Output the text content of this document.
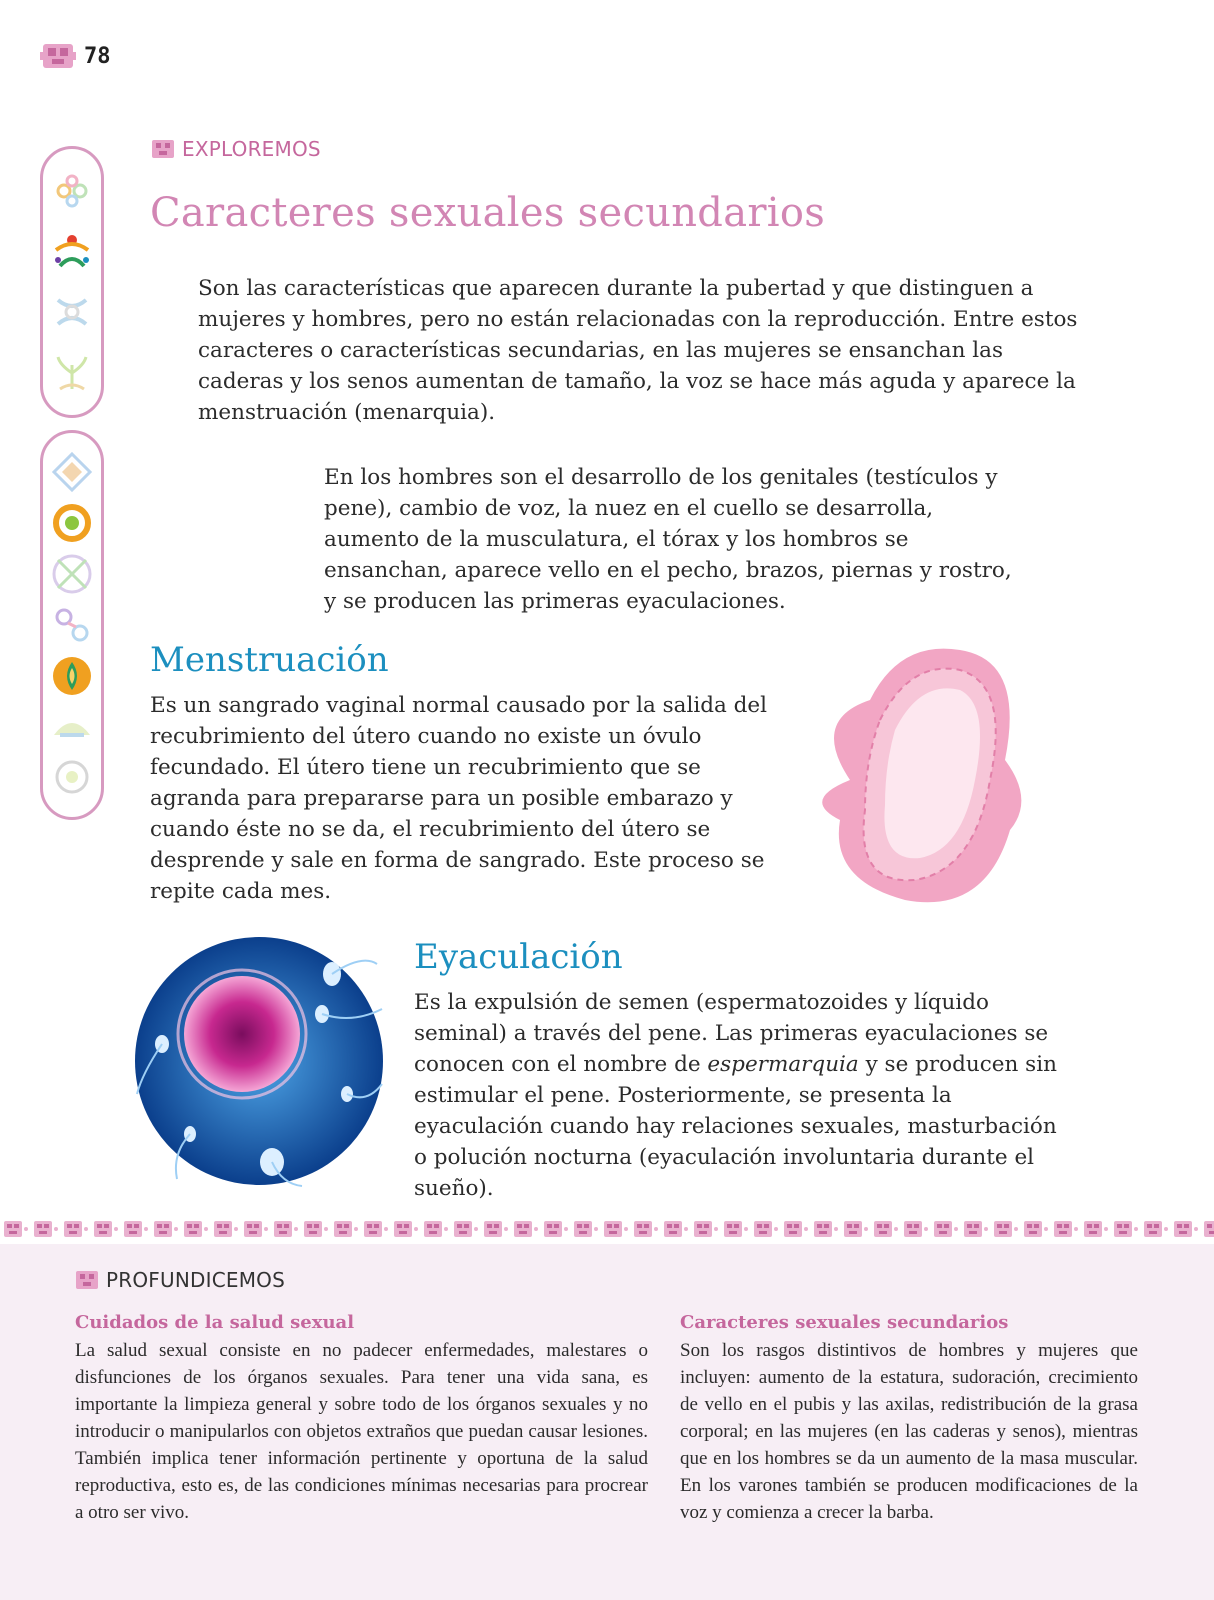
78
EXPLOREMOS
Caracteres sexuales secundarios

Son las características que aparecen durante la pubertad y que distinguen a mujeres y hombres, pero no están relacionadas con la reproducción. Entre estos caracteres o características secundarias, en las mujeres se ensanchan las caderas y los senos aumentan de tamaño, la voz se hace más aguda y aparece la menstruación (menarquia).

En los hombres son el desarrollo de los genitales (testículos y pene), cambio de voz, la nuez en el cuello se desarrolla, aumento de la musculatura, el tórax y los hombros se ensanchan, aparece vello en el pecho, brazos, piernas y rostro, y se producen las primeras eyaculaciones.

Menstruación

Es un sangrado vaginal normal causado por la salida del recubrimiento del útero cuando no existe un óvulo fecundado. El útero tiene un recubrimiento que se agranda para prepararse para un posible embarazo y cuando éste no se da, el recubrimiento del útero se desprende y sale en forma de sangrado. Este proceso se repite cada mes.

Eyaculación

Es la expulsión de semen (espermatozoides y líquido seminal) a través del pene. Las primeras eyaculaciones se conocen con el nombre de espermarquia y se producen sin estimular el pene. Posteriormente, se presenta la eyaculación cuando hay relaciones sexuales, masturbación o polución nocturna (eyaculación involuntaria durante el sueño).

PROFUNDICEMOS
Cuidados de la salud sexual

La salud sexual consiste en no padecer enfermedades, malestares o disfunciones de los órganos sexuales. Para tener una vida sana, es importante la limpieza general y sobre todo de los órganos sexuales y no introducir o manipularlos con objetos extraños que puedan causar lesiones. También implica tener información pertinente y oportuna de la salud reproductiva, esto es, de las condiciones mínimas necesarias para procrear a otro ser vivo.

Caracteres sexuales secundarios

Son los rasgos distintivos de hombres y mujeres que incluyen: aumento de la estatura, sudoración, crecimiento de vello en el pubis y las axilas, redistribución de la grasa corporal; en las mujeres (en las caderas y senos), mientras que en los hombres se da un aumento de la masa muscular. En los varones también se producen modificaciones de la voz y comienza a crecer la barba.
